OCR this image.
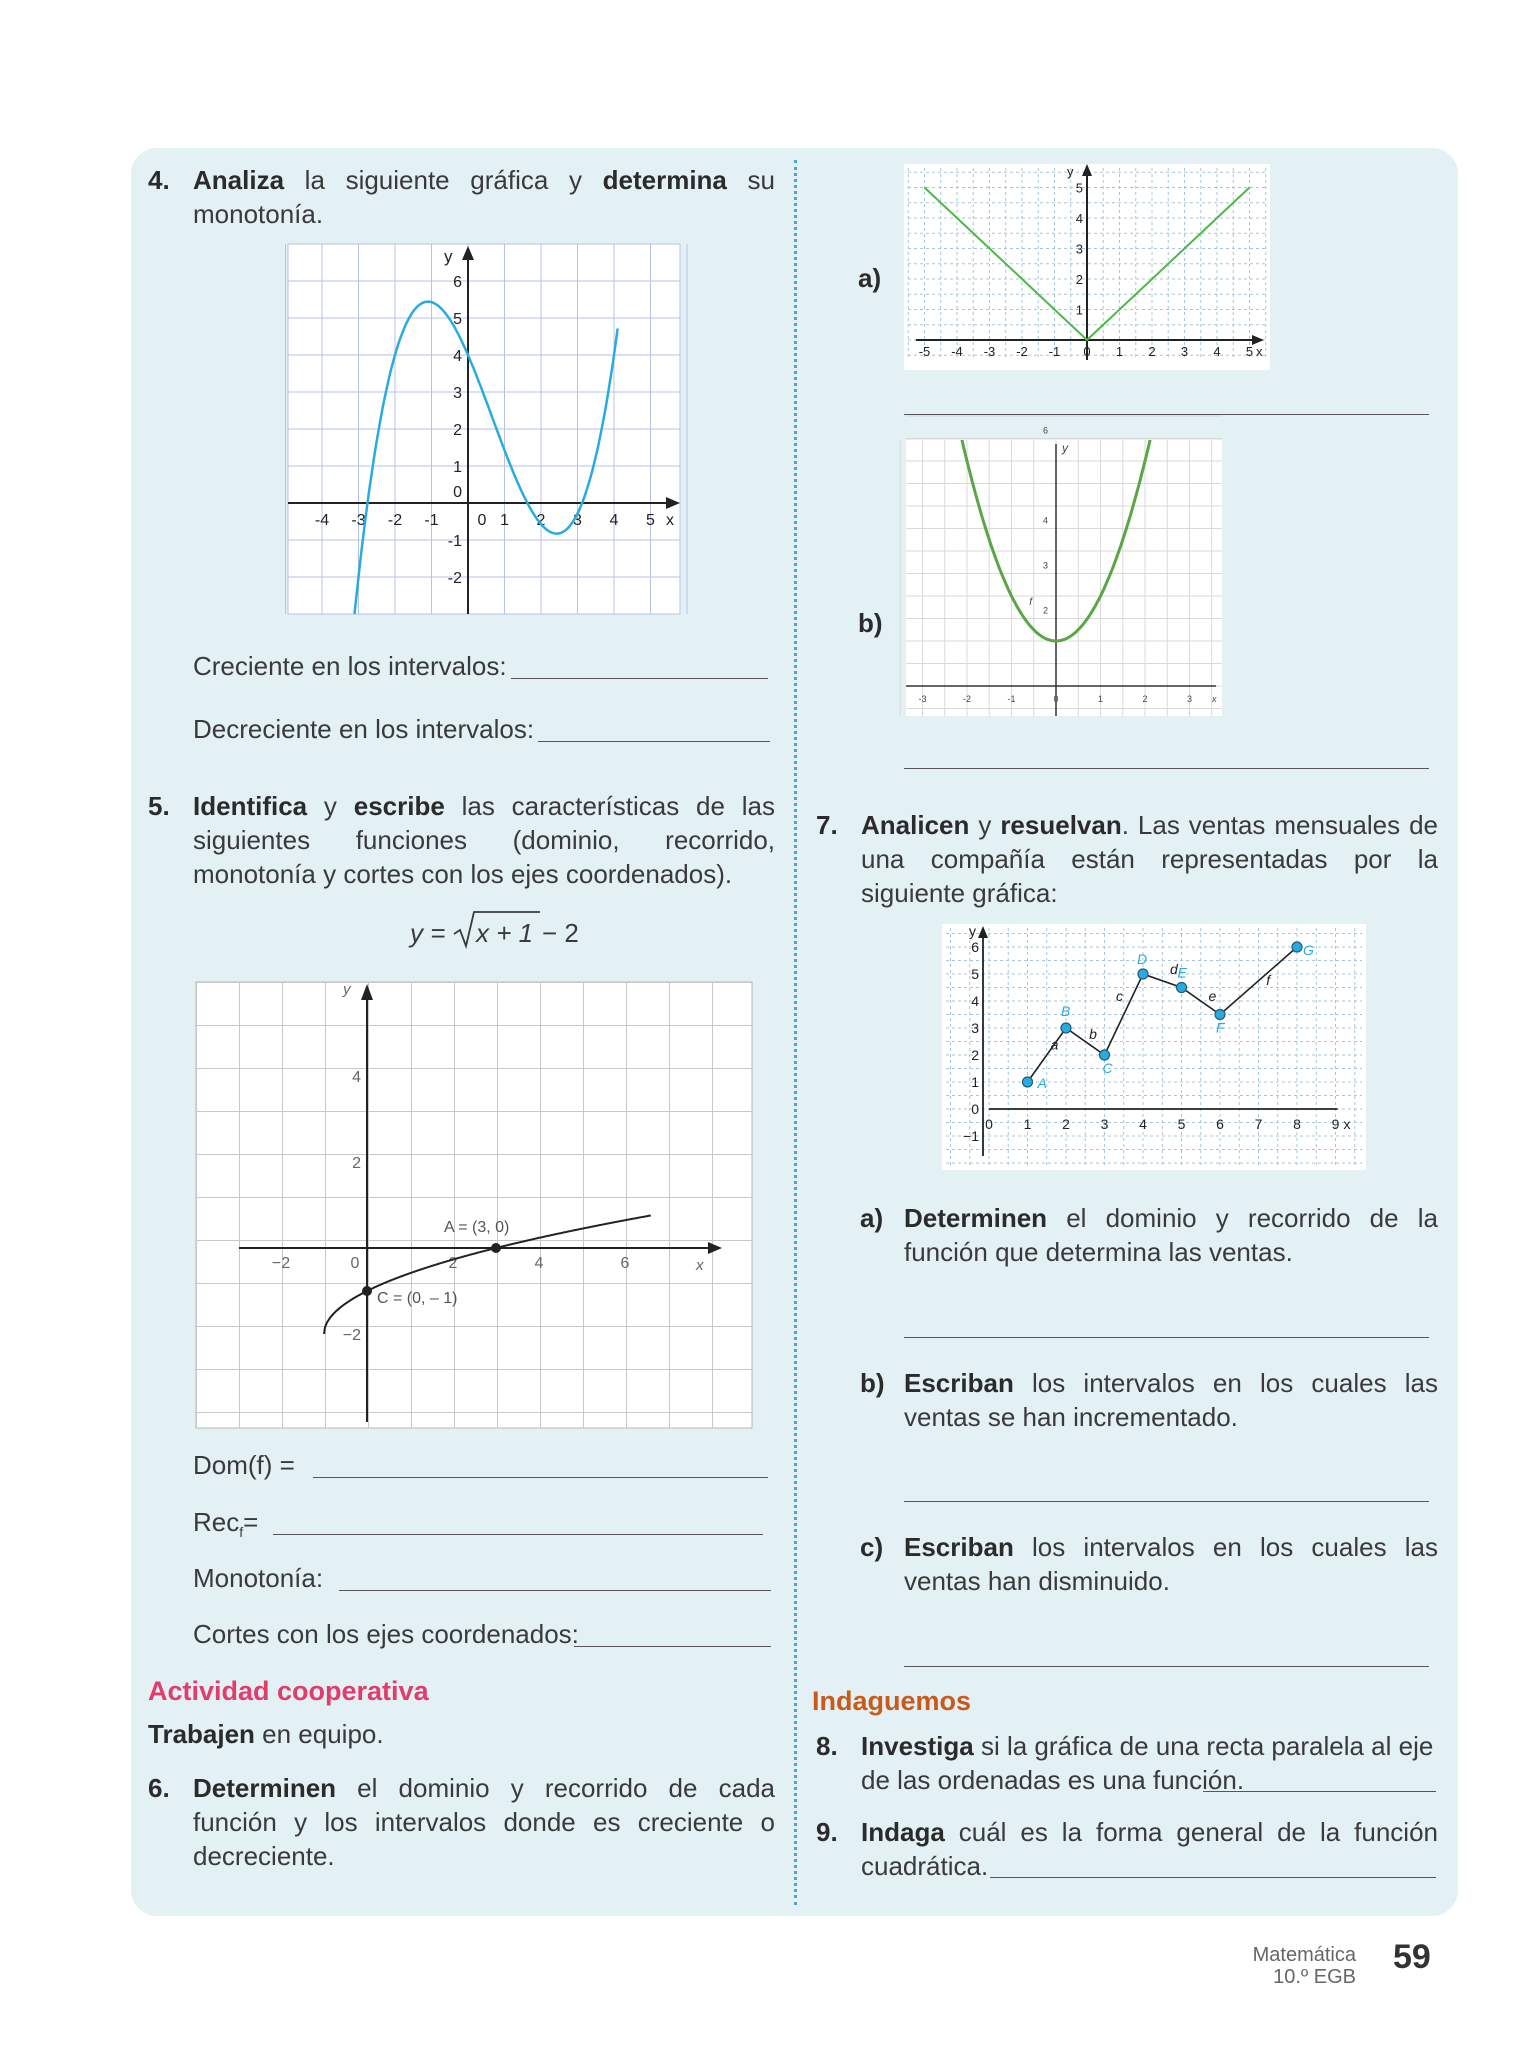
4. Analiza la siguiente gráfica y determina su monotonía.
-4 -3 -2 -1 0 1 2 3 4 5
6
5
4
3
2
1
0
-1
-2
x
y
Creciente en los intervalos:
Decreciente en los intervalos:
5. Identifica y escribe las características de las siguientes funciones (dominio, recorrido, monotonía y cortes con los ejes coordenados).
y = x + 1 − 2
−2	0	2	4	6
4
2
−2
x
y
A = (3, 0)
C = (0, – 1)
Dom(f) =
Rec$_f$=
Monotonía:
Cortes con los ejes coordenados:
Actividad cooperativa
Trabajen en equipo.
6. Determinen el dominio y recorrido de cada función y los intervalos donde es creciente o decreciente.
a)
-5 -4 -3 -2 -1 0 1 2 3 4 5
5
4
3
2
1
x
y
b)
-3	-2	-1	0	1	2	3
6
4
3
2
x
y
f
7. Analicen y resuelvan. Las ventas mensuales de una compañía están representadas por la siguiente gráfica:
0 1 2 3 4 5 6 7 8 9
6
5
4
3
2
1
0
−1
x
y
A
B
C
D
E
F
G
a
b
c
d
e
f
a) Determinen el dominio y recorrido de la función que determina las ventas.
b) Escriban los intervalos en los cuales las ventas se han incrementado.
c) Escriban los intervalos en los cuales las ventas han disminuido.
Indaguemos
8. Investiga si la gráfica de una recta paralela al eje de las ordenadas es una función.
9. Indaga cuál es la forma general de la función cuadrática.
Matemática
10.º EGB
59
